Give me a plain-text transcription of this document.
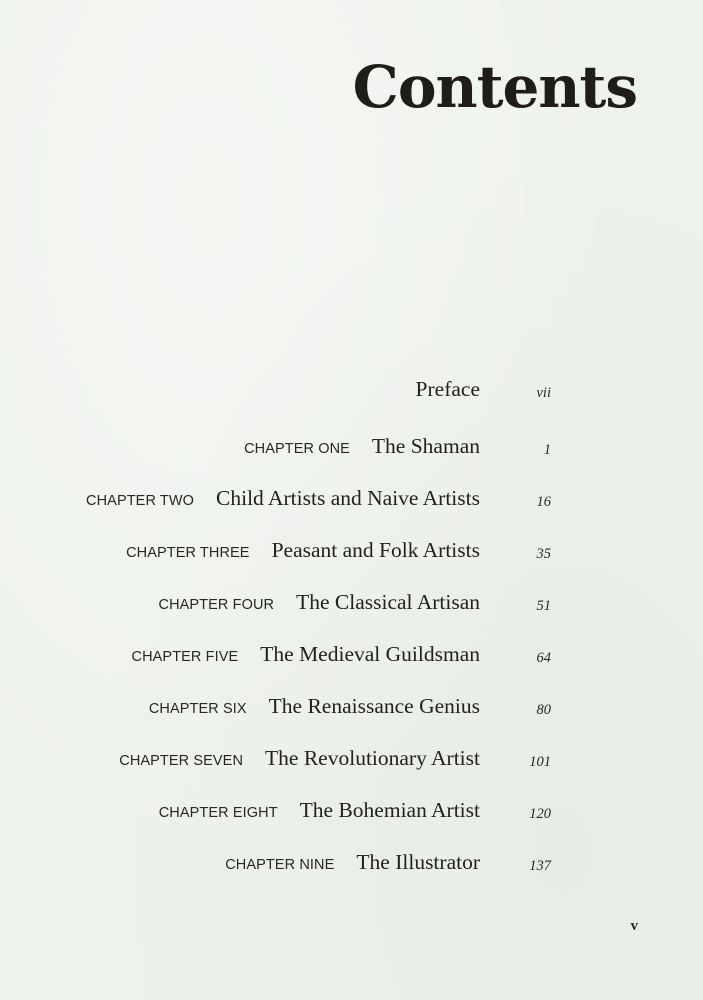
Contents
Preface	vii
CHAPTER ONE The Shaman	1
CHAPTER TWO Child Artists and Naive Artists	16
CHAPTER THREE Peasant and Folk Artists	35
CHAPTER FOUR The Classical Artisan	51
CHAPTER FIVE The Medieval Guildsman	64
CHAPTER SIX The Renaissance Genius	80
CHAPTER SEVEN The Revolutionary Artist	101
CHAPTER EIGHT The Bohemian Artist	120
CHAPTER NINE The Illustrator	137
v
